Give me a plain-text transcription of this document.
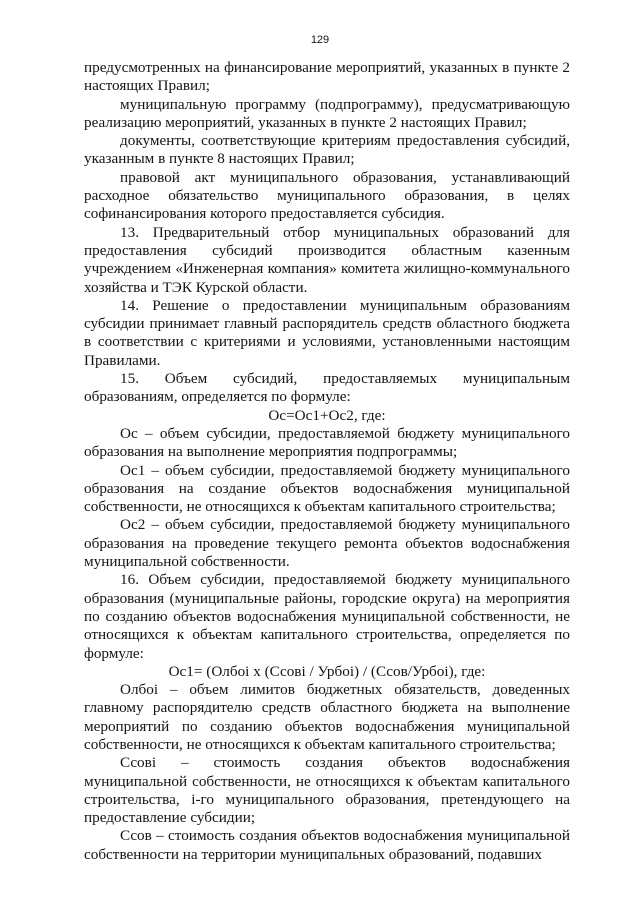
129

предусмотренных на финансирование мероприятий, указанных в пункте 2 настоящих Правил;

муниципальную программу (подпрограмму), предусматривающую реализацию мероприятий, указанных в пункте 2 настоящих Правил;

документы, соответствующие критериям предоставления субсидий, указанным в пункте 8 настоящих Правил;

правовой акт муниципального образования, устанавливающий расходное обязательство муниципального образования, в целях софинансирования которого предоставляется субсидия.

13. Предварительный отбор муниципальных образований для предоставления субсидий производится областным казенным учреждением «Инженерная компания» комитета жилищно-коммунального хозяйства и ТЭК Курской области.

14. Решение о предоставлении муниципальным образованиям субсидии принимает главный распорядитель средств областного бюджета в соответствии с критериями и условиями, установленными настоящим Правилами.

15. Объем субсидий, предоставляемых муниципальным образованиям, определяется по формуле:

Ос=Ос1+Ос2, где:

Ос – объем субсидии, предоставляемой бюджету муниципального образования на выполнение мероприятия подпрограммы;

Ос1 – объем субсидии, предоставляемой бюджету муниципального образования на создание объектов водоснабжения муниципальной собственности, не относящихся к объектам капитального строительства;

Ос2 – объем субсидии, предоставляемой бюджету муниципального образования на проведение текущего ремонта объектов водоснабжения муниципальной собственности.

16. Объем субсидии, предоставляемой бюджету муниципального образования (муниципальные районы, городские округа) на мероприятия по созданию объектов водоснабжения муниципальной собственности, не относящихся к объектам капитального строительства, определяется по формуле:

Ос1= (Олбоi x (Ссовi / Урбоi) / (Ссов/Урбоi), где:

Олбоi – объем лимитов бюджетных обязательств, доведенных главному распорядителю средств областного бюджета на выполнение мероприятий по созданию объектов водоснабжения муниципальной собственности, не относящихся к объектам капитального строительства;

Ссовi – стоимость создания объектов водоснабжения муниципальной собственности, не относящихся к объектам капитального строительства, i-го муниципального образования, претендующего на предоставление субсидии;

Ссов – стоимость создания объектов водоснабжения муниципальной собственности на территории муниципальных образований, подавших
